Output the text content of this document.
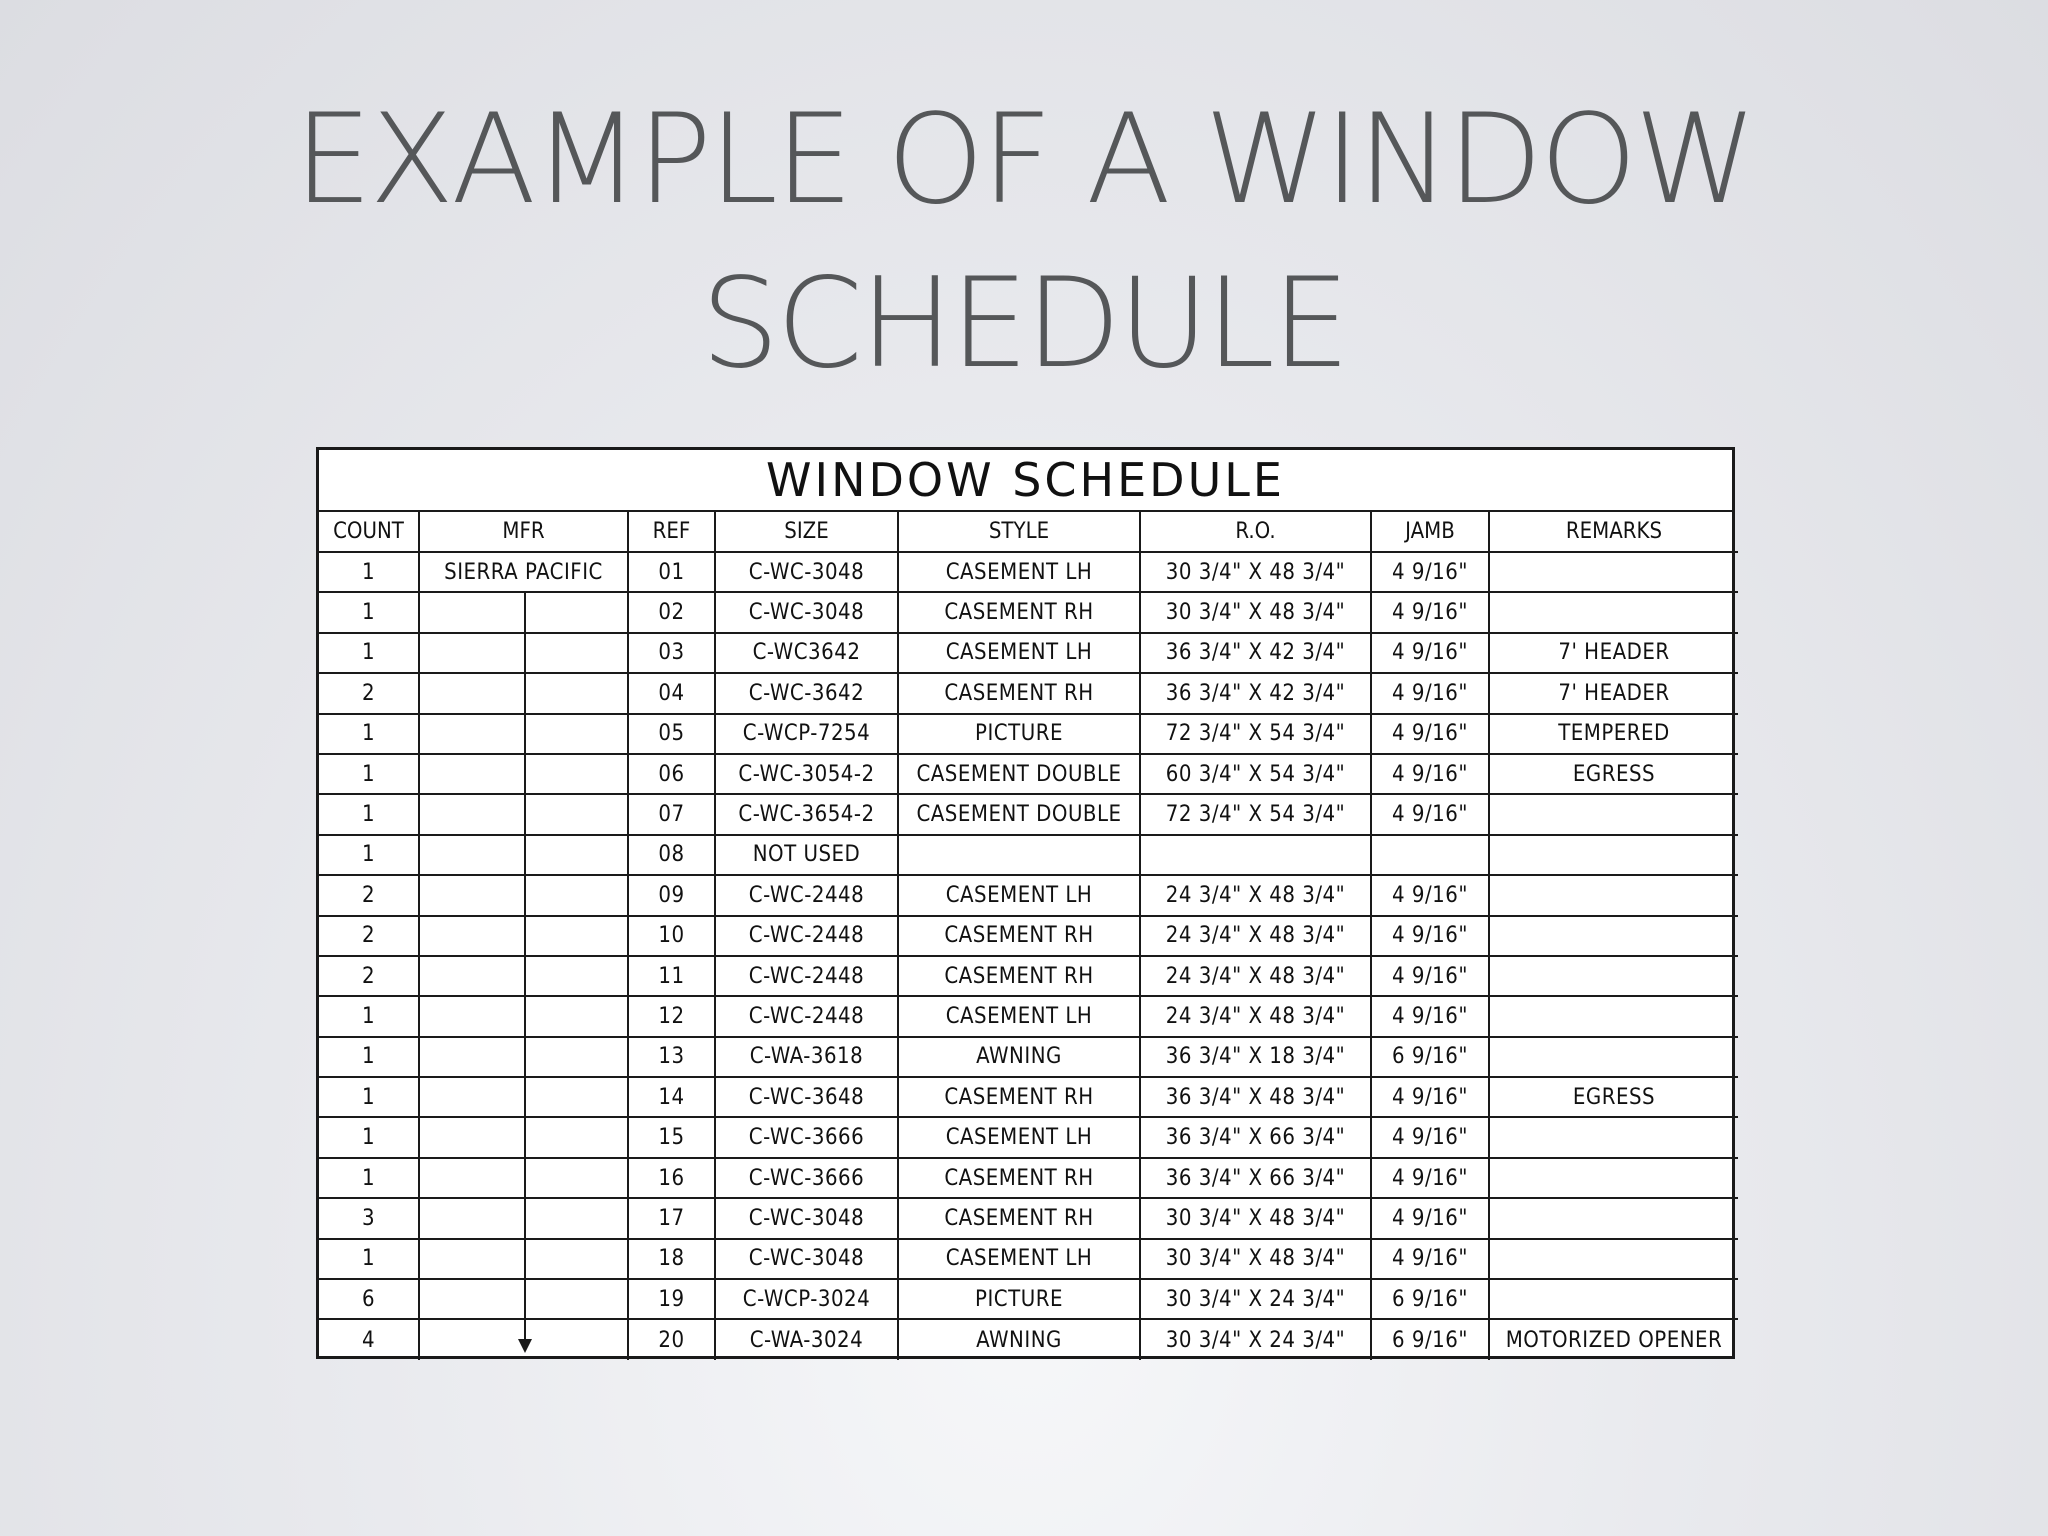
EXAMPLE OF A WINDOW
SCHEDULE
WINDOW SCHEDULE
COUNT	MFR	REF	SIZE	STYLE	R.O.	JAMB	REMARKS
1	SIERRA PACIFIC	01	C-WC-3048	CASEMENT LH	30 3/4" X 48 3/4"	4 9/16"	
1		02	C-WC-3048	CASEMENT RH	30 3/4" X 48 3/4"	4 9/16"	
1		03	C-WC3642	CASEMENT LH	36 3/4" X 42 3/4"	4 9/16"	7' HEADER
2		04	C-WC-3642	CASEMENT RH	36 3/4" X 42 3/4"	4 9/16"	7' HEADER
1		05	C-WCP-7254	PICTURE	72 3/4" X 54 3/4"	4 9/16"	TEMPERED
1		06	C-WC-3054-2	CASEMENT DOUBLE	60 3/4" X 54 3/4"	4 9/16"	EGRESS
1		07	C-WC-3654-2	CASEMENT DOUBLE	72 3/4" X 54 3/4"	4 9/16"	
1		08	NOT USED				
2		09	C-WC-2448	CASEMENT LH	24 3/4" X 48 3/4"	4 9/16"	
2		10	C-WC-2448	CASEMENT RH	24 3/4" X 48 3/4"	4 9/16"	
2		11	C-WC-2448	CASEMENT RH	24 3/4" X 48 3/4"	4 9/16"	
1		12	C-WC-2448	CASEMENT LH	24 3/4" X 48 3/4"	4 9/16"	
1		13	C-WA-3618	AWNING	36 3/4" X 18 3/4"	6 9/16"	
1		14	C-WC-3648	CASEMENT RH	36 3/4" X 48 3/4"	4 9/16"	EGRESS
1		15	C-WC-3666	CASEMENT LH	36 3/4" X 66 3/4"	4 9/16"	
1		16	C-WC-3666	CASEMENT RH	36 3/4" X 66 3/4"	4 9/16"	
3		17	C-WC-3048	CASEMENT RH	30 3/4" X 48 3/4"	4 9/16"	
1		18	C-WC-3048	CASEMENT LH	30 3/4" X 48 3/4"	4 9/16"	
6		19	C-WCP-3024	PICTURE	30 3/4" X 24 3/4"	6 9/16"	
4		20	C-WA-3024	AWNING	30 3/4" X 24 3/4"	6 9/16"	MOTORIZED OPENER
